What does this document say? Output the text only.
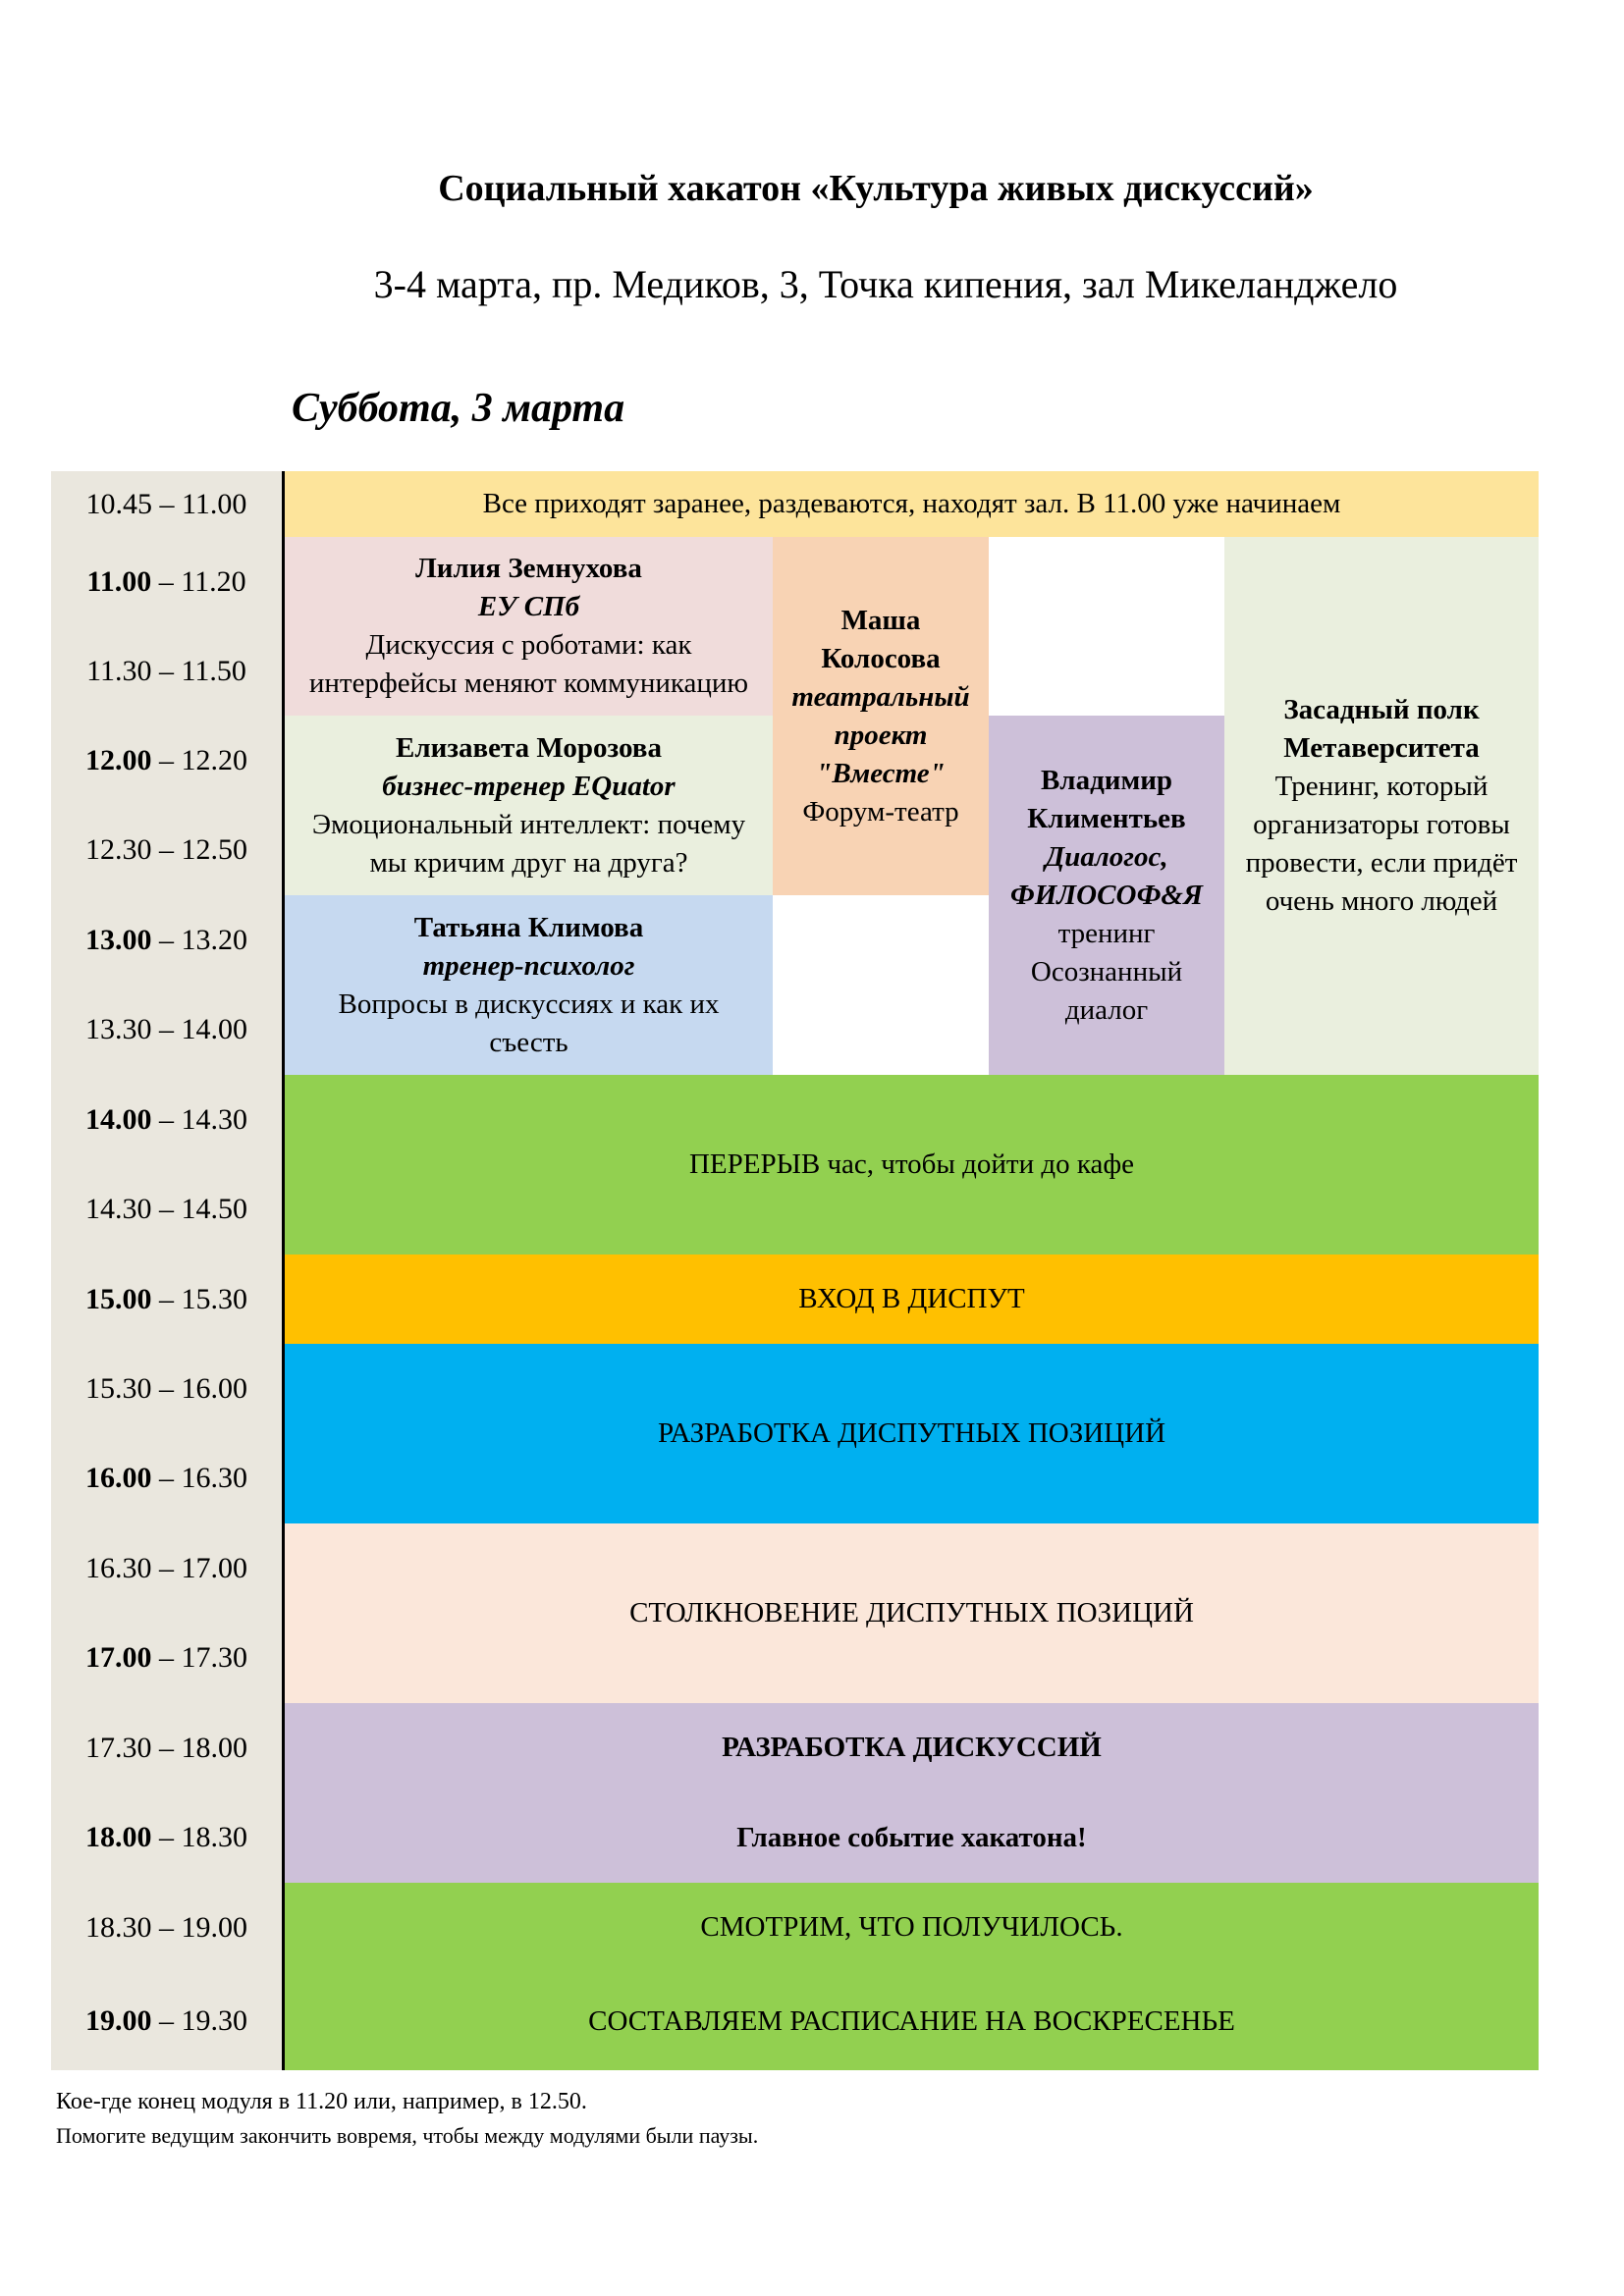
Социальный хакатон «Культура живых дискуссий»
3-4 марта, пр. Медиков, 3, Точка кипения, зал Микеланджело
Суббота, 3 марта
10.45 – 11.00
11.00 – 11.20
11.30 – 11.50
12.00 – 12.20
12.30 – 12.50
13.00 – 13.20
13.30 – 14.00
14.00 – 14.30
14.30 – 14.50
15.00 – 15.30
15.30 – 16.00
16.00 – 16.30
16.30 – 17.00
17.00 – 17.30
17.30 – 18.00
18.00 – 18.30
18.30 – 19.00
19.00 – 19.30
Все приходят заранее, раздеваются, находят зал. В 11.00 уже начинаем
Лилия Земнухова
ЕУ СПб
Дискуссия с роботами: как
интерфейсы меняют коммуникацию
Елизавета Морозова
бизнес-тренер EQuator
Эмоциональный интеллект: почему
мы кричим друг на друга?
Татьяна Климова
тренер-психолог
Вопросы в дискуссиях и как их
съесть
Маша
Колосова
театральный
проект
"Вместе"
Форум-театр
Владимир
Климентьев
Диалогос,
ФИЛОСОФ&Я
тренинг
Осознанный
диалог
Засадный полк
Метаверситета
Тренинг, который
организаторы готовы
провести, если придёт
очень много людей
ПЕРЕРЫВ час, чтобы дойти до кафе
ВХОД В ДИСПУТ
РАЗРАБОТКА ДИСПУТНЫХ ПОЗИЦИЙ
СТОЛКНОВЕНИЕ ДИСПУТНЫХ ПОЗИЦИЙ
РАЗРАБОТКА ДИСКУССИЙ
Главное событие хакатона!
СМОТРИМ, ЧТО ПОЛУЧИЛОСЬ.
СОСТАВЛЯЕМ РАСПИСАНИЕ НА ВОСКРЕСЕНЬЕ
Кое-где конец модуля в 11.20 или, например, в 12.50.
Помогите ведущим закончить вовремя, чтобы между модулями были паузы.
